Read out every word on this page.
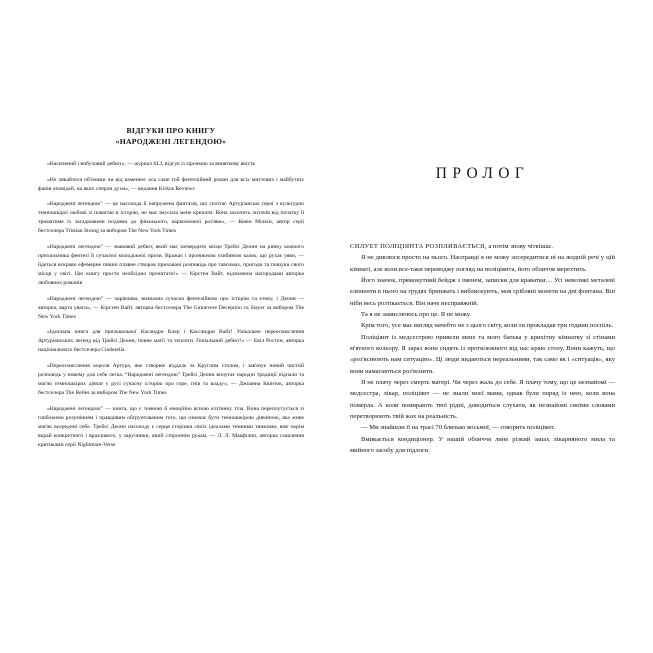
ВІДГУКИ ПРО КНИГУ
«НАРОДЖЕНІ ЛЕГЕНДОЮ»

«Насичений і вибуховий дебют», — журнал SLJ, відгук із зірочкою за виняткову якість

«Не лякайтеся об'ємами чи від каменем: ось саме той фентезійний роман для всіх миттєвих і майбутніх фанів оповідей, на яких сперли духи», — видання Kirkus Reviews

«Народжені легендою” — це насолода й напружена фантазія, що сплітає Артуріанські герої з культурно темношкірої любові зі повагою в історію, не має змусила мене кричати. Вона захопить читачів від початку й триматиме їх загадковими подіями до фінального, карколомної роз'яви», — Кевін Мілкін, автор серії бестселера Tristian Strong за вибором The New York Times

«Народжені легендою” — знаковий дебют, який має затвердити місце Трейсі Деонн на ринку кожного прихильника фентезі й сучасної молодіжної прози. Вражає і проникною глибиною казок, що рухає уяви, — йдеться яскраво ефемерне пишні плавне створок приховані розповідь про тавсимах, пригоди та пошуки свого місця у світі. Цю книгу просто необхідно прочитати!» — Кірстен Вайт, відзначена нагородами авторка любовних романів

«Народжені легендою” — чарівлива, визначна сучасна фентезійною про історію та етику, і Деонн — авторка, варта уваги», — Кірстен Вайт, авторка бестселера The Guinevere Deception та Slayer за вибором The New York Times

«Ідеальна книга для прильвальної Касандри Клер і Кассандри Вайт! Унікальне переосмислення Артуріанських легенд від Трейсі Деонн, повне магії та теплоти. Геніальний дебют!» — Евіл Ростон, авторка національного бестселера Cinderella

«Переосмислення короля Артура, яке створює віддаль за Круглим столом, і зав'язує новий чистий розповідь у новому для себе легка. “Народжені легендою” Трейсі Деонн вплутає народні традиції підпали та магію темношкірих дівчат у русі сучасну історію про горе, гнів та владу», — Джоанна Квінток, авторка бестселера The Belles за вибором The New York Times

«Народжені легендою” — книга, що є темною й емоційно ясною клітинку тіла. Вона переплутується зі глибокими розумінням і правдивим обгрунтованим того, що означає бути темношкірою дівчиною, яка живе магію всередині себе. Трейсі Деонн насолоду є серця сторінки своїх ідеалами темними тяжкими, вже окрім вкрай конкретного і вразливого, у заручники, який стороннім рукам, — Л. Л. Макфілип, авторка схвалення критиками серії Nightmare-Verse

ПРОЛОГ

СИЛУЕТ ПОЛІЦІЯНТА РОЗПЛИВАЄТЬСЯ, а потім знову чіткішає.

Я не дивлюся просто на нього. Насправді я не можу зосередитися ні на жодній речі у цій кімнаті, але коли все-таки переводжу погляд на поліціянта, його обличчя мерехтить.

Його значок, прямокутний бейдж з іменем, записки для краватки… Усі невеликі металеві елементи в нього на грудях бринжать і виблискують, мов срібляні монети на дні фонтана. Він ніби весь розтікається. Він наче несправжній.

Та я не замислююсь про це. Я не можу.

Крім того, усе має вигляд начебто не з цього світу, коли ти прокладав три години поспіль.

Поліціянт із медсестрою привели мене та мого батька у крихітну кімнатку зі стінами м'ятного кольору. Я зараз вони сидять із протилежного від нас краю столу. Вони кажуть, що «роз'яснюють нам ситуацію». Ці люди видаються нереальними, так само як і «ситуація», яку вони намагаються роз'яснити.

Я не плачу через смерть матері. Чи через жаль до себе. Я плачу тому, що це незнайомі — медсестра, лікар, поліціянт — не знали моєї мами, однак були поряд із нею, коли вона померла. А коли помирають твої рідні, доводиться слухати, як незнайомі своїми словами перетворюють твій жах на реальність.

— Ми знайшли її на трасі 70 близько восьмої, — говорить поліціянт.

Вмикається кондиціонер. У нашій обличчя лине різкий запах лікарняного мила та мийного засобу для підлоги.
